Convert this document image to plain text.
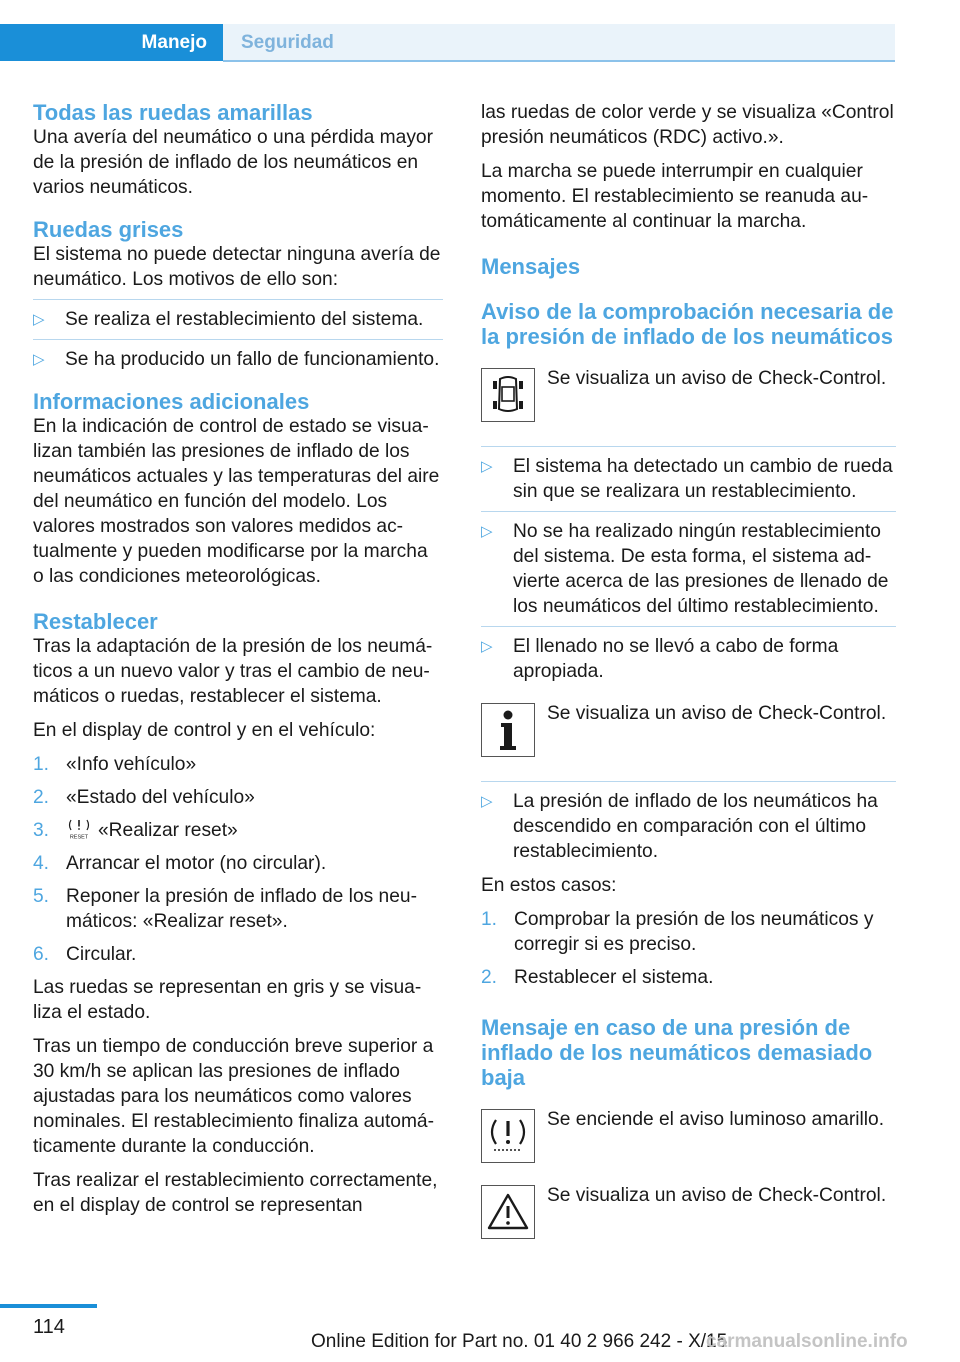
Manejo	Seguridad
Todas las ruedas amarillas

Una avería del neumático o una pérdida mayor de la presión de inflado de los neumáticos en varios neumáticos.

Ruedas grises

El sistema no puede detectar ninguna avería de neumático. Los motivos de ello son:

▷	Se realiza el restablecimiento del sistema.
▷	Se ha producido un fallo de funcionamiento.
Informaciones adicionales

En la indicación de control de estado se visualizan también las presiones de inflado de los neumáticos actuales y las temperaturas del aire del neumático en función del modelo. Los valores mostrados son valores medidos actualmente y pueden modificarse por la marcha o las condiciones meteorológicas.

Restablecer

Tras la adaptación de la presión de los neumáticos a un nuevo valor y tras el cambio de neumáticos o ruedas, restablecer el sistema.

En el display de control y en el vehículo:

1. «Info vehículo»
2. «Estado del vehículo»
3.	RESET «Realizar reset»
4. Arrancar el motor (no circular).
5. Reponer la presión de inflado de los neumáticos: «Realizar reset».
6. Circular.

Las ruedas se representan en gris y se visualiza el estado.

Tras un tiempo de conducción breve superior a 30 km/h se aplican las presiones de inflado ajustadas para los neumáticos como valores nominales. El restablecimiento finaliza automáticamente durante la conducción.

Tras realizar el restablecimiento correctamente, en el display de control se representan

las ruedas de color verde y se visualiza «Control presión neumáticos (RDC) activo.».

La marcha se puede interrumpir en cualquier momento. El restablecimiento se reanuda automáticamente al continuar la marcha.

Mensajes
Aviso de la comprobación necesaria de la presión de inflado de los neumáticos
Se visualiza un aviso de Check-Control.
▷	El sistema ha detectado un cambio de rueda sin que se realizara un restablecimiento.
▷	No se ha realizado ningún restablecimiento del sistema. De esta forma, el sistema advierte acerca de las presiones de llenado de los neumáticos del último restablecimiento.
▷	El llenado no se llevó a cabo de forma apropiada.
Se visualiza un aviso de Check-Control.
▷	La presión de inflado de los neumáticos ha descendido en comparación con el último restablecimiento.

En estos casos:

1. Comprobar la presión de los neumáticos y corregir si es preciso.
2. Restablecer el sistema.
Mensaje en caso de una presión de inflado de los neumáticos demasiado baja
Se enciende el aviso luminoso amarillo.
Se visualiza un aviso de Check-Control.
114
Online Edition for Part no. 01 40 2 966 242 - X/15
carmanualsonline.info
